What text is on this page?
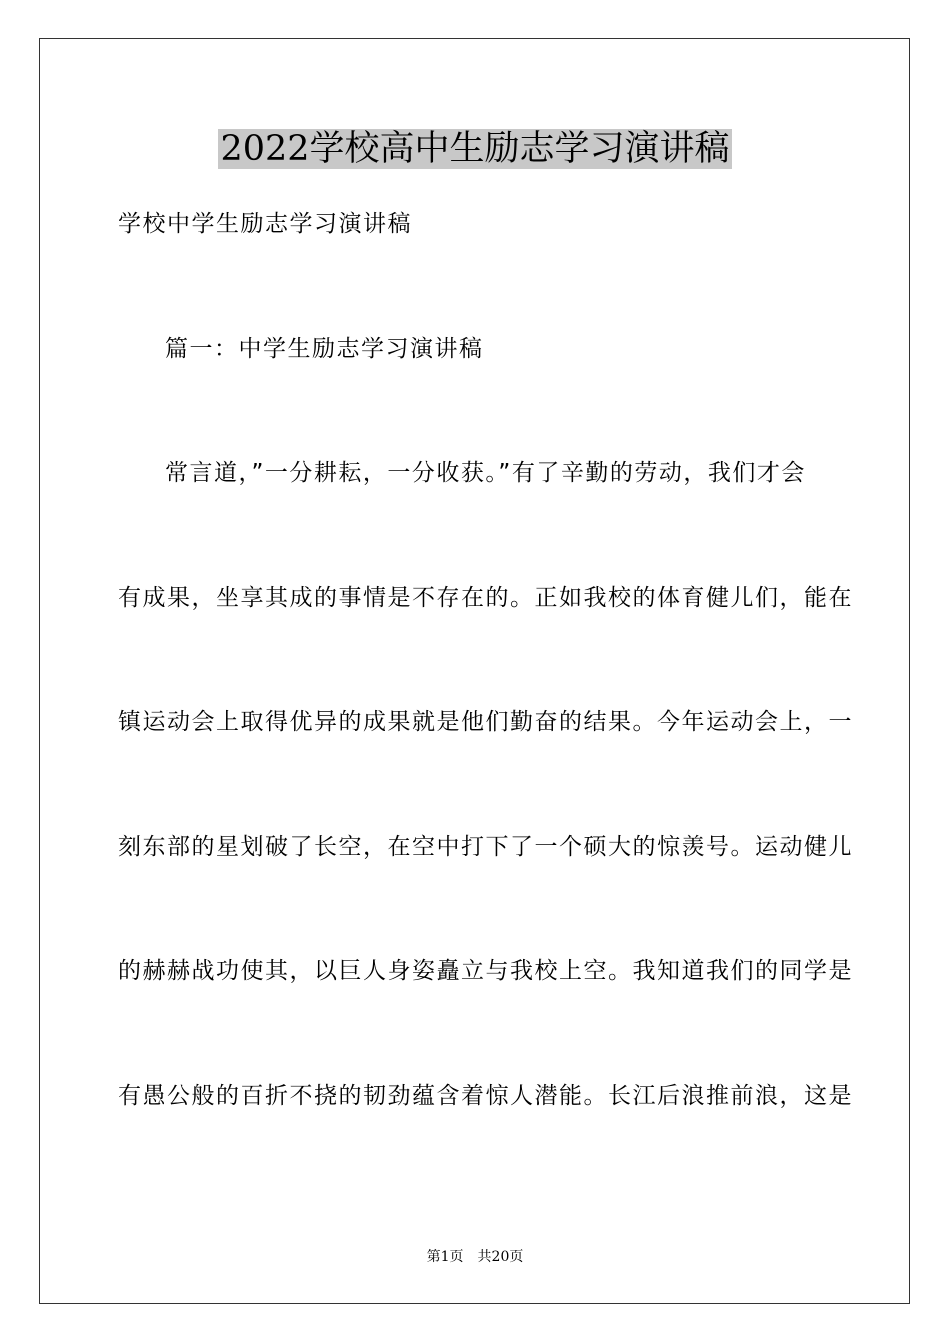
2022学校高中生励志学习演讲稿
学校中学生励志学习演讲稿
篇一：中学生励志学习演讲稿
常言道，”一分耕耘，一分收获。”有了辛勤的劳动，我们才会
有成果，坐享其成的事情是不存在的。正如我校的体育健儿们，能在
镇运动会上取得优异的成果就是他们勤奋的结果。今年运动会上，一
刻东部的星划破了长空，在空中打下了一个硕大的惊羡号。运动健儿
的赫赫战功使其，以巨人身姿矗立与我校上空。我知道我们的同学是
有愚公般的百折不挠的韧劲蕴含着惊人潜能。长江后浪推前浪，这是
第1页 共20页
